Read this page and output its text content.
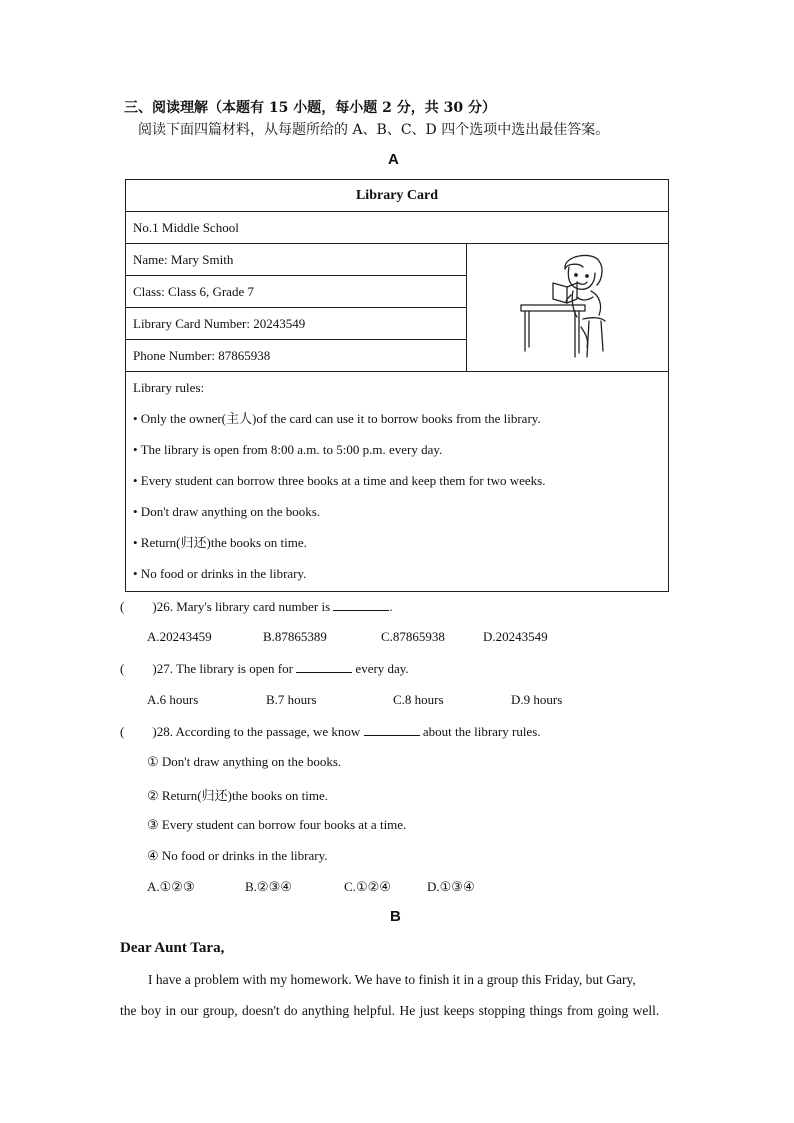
三、阅读理解（本题有 15 小题，每小题 2 分，共 30 分）
阅读下面四篇材料，从每题所给的 A、B、C、D 四个选项中选出最佳答案。
A
Library Card
No.1 Middle School
Name: Mary Smith	
Class: Class 6, Grade 7
Library Card Number: 20243549
Phone Number: 87865938

Library rules:
• Only the owner(主人)of the card can use it to borrow books from the library.
• The library is open from 8:00 a.m. to 5:00 p.m. every day.
• Every student can borrow three books at a time and keep them for two weeks.
• Don't draw anything on the books.
• Return(归还)the books on time.
• No food or drinks in the library.
( )26. Mary's library card number is	.
A.20243459	B.87865389	C.87865938	D.20243549
( )27. The library is open for	every day.
A.6 hours	B.7 hours	C.8 hours	D.9 hours
( )28. According to the passage, we know	about the library rules.
① Don't draw anything on the books.
② Return(归还)the books on time.
③ Every student can borrow four books at a time.
④ No food or drinks in the library.
A.①②③	B.②③④	C.①②④	D.①③④
B
Dear Aunt Tara,
I have a problem with my homework. We have to finish it in a group this Friday, but Gary,
the boy in our group, doesn't do anything helpful. He just keeps stopping things from going well.
